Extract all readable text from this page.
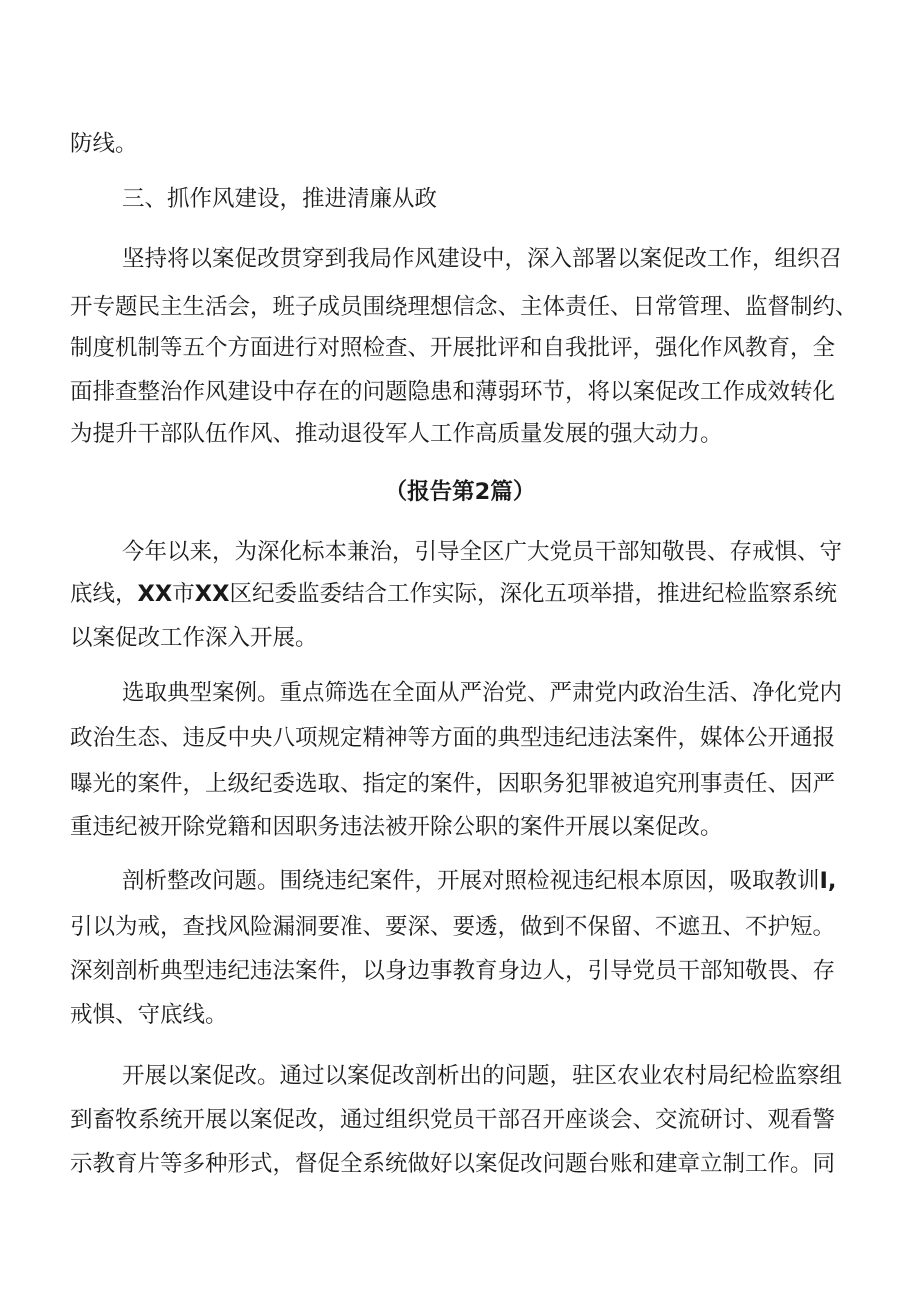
防线。

三、抓作风建设，推进清廉从政

坚持将以案促改贯穿到我局作风建设中，深入部署以案促改工作，组织召

开专题民主生活会，班子成员围绕理想信念、主体责任、日常管理、监督制约、

制度机制等五个方面进行对照检查、开展批评和自我批评，强化作风教育，全

面排查整治作风建设中存在的问题隐患和薄弱环节，将以案促改工作成效转化

为提升干部队伍作风、推动退役军人工作高质量发展的强大动力。

（报告第2篇）

今年以来，为深化标本兼治，引导全区广大党员干部知敬畏、存戒惧、守

底线，XX市XX区纪委监委结合工作实际，深化五项举措，推进纪检监察系统

以案促改工作深入开展。

选取典型案例。重点筛选在全面从严治党、严肃党内政治生活、净化党内

政治生态、违反中央八项规定精神等方面的典型违纪违法案件，媒体公开通报

曝光的案件，上级纪委选取、指定的案件，因职务犯罪被追究刑事责任、因严

重违纪被开除党籍和因职务违法被开除公职的案件开展以案促改。

剖析整改问题。围绕违纪案件，开展对照检视违纪根本原因，吸取教训I,

引以为戒，查找风险漏洞要准、要深、要透，做到不保留、不遮丑、不护短。

深刻剖析典型违纪违法案件，以身边事教育身边人，引导党员干部知敬畏、存

戒惧、守底线。

开展以案促改。通过以案促改剖析出的问题，驻区农业农村局纪检监察组

到畜牧系统开展以案促改，通过组织党员干部召开座谈会、交流研讨、观看警

示教育片等多种形式，督促全系统做好以案促改问题台账和建章立制工作。同
